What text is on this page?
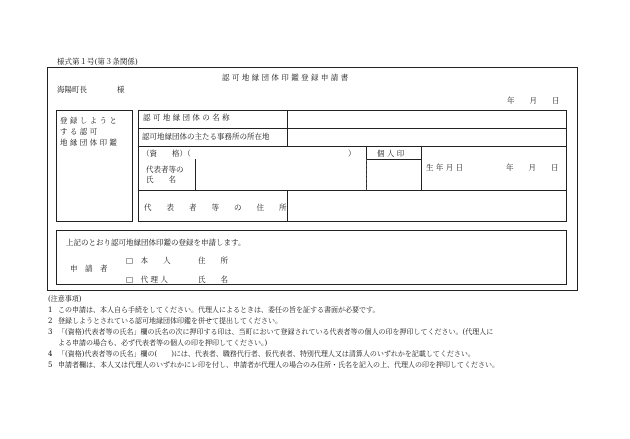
様式第１号(第３条関係)
認 可 地 縁 団 体 印 鑑 登 録 申 請 書
海陽町長　　　　様
年　　月　　日
登 録 し よ う と
す る 認 可
地 縁 団 体 印 鑑
認 可 地 縁 団 体 の 名 称
認可地縁団体の主たる事務所の所在地
（資　　格）（	）
代表者等の
氏　　名
個 人 印
生 年 月 日	年　　月　　日
代　　表　　者　　等　　の　　住　　所
上記のとおり認可地縁団体印鑑の登録を申請します。
申　請　者
□　本　　人	住　　所
□　代 理 人	氏　　名
(注意事項)
1 この申請は、本人自ら手続をしてください。代理人によるときは、委任の旨を証する書面が必要です。
2 登録しようとされている認可地縁団体印鑑を併せて提出してください。
3 「(資格)代表者等の氏名」欄の氏名の次に押印する印は、当町において登録されている代表者等の個人の印を押印してください。(代理人に
よる申請の場合も、必ず代表者等の個人の印を押印してください。)
4 「(資格)代表者等の氏名」欄の(　　)には、代表者、職務代行者、仮代表者、特別代理人又は清算人のいずれかを記載してください。
5 申請者欄は、本人又は代理人のいずれかにレ印を付し、申請者が代理人の場合のみ住所・氏名を記入の上、代理人の印を押印してください。
